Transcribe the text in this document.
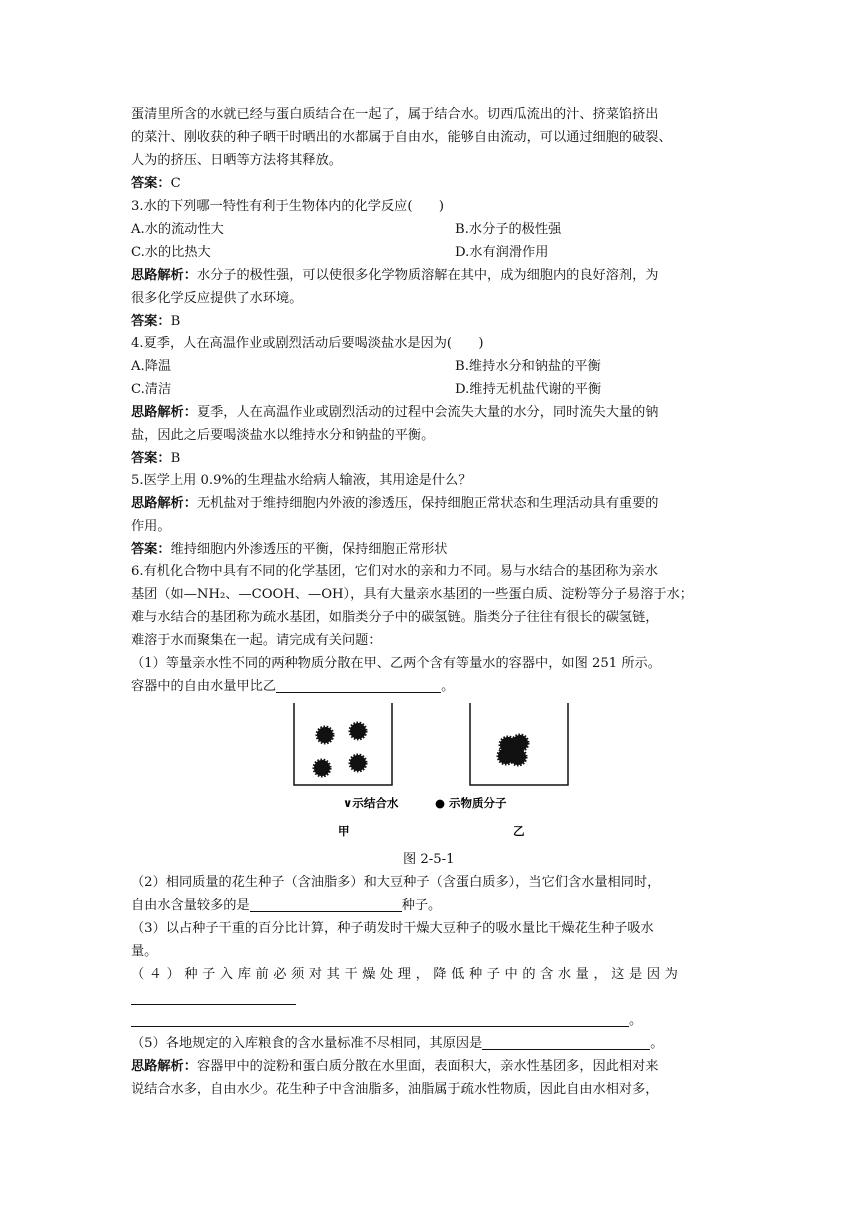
蛋清里所含的水就已经与蛋白质结合在一起了，属于结合水。切西瓜流出的汁、挤菜馅挤出
的菜汁、刚收获的种子晒干时晒出的水都属于自由水，能够自由流动，可以通过细胞的破裂、
人为的挤压、日晒等方法将其释放。
答案：C
3.水的下列哪一特性有利于生物体内的化学反应(　　)
A.水的流动性大	B.水分子的极性强
C.水的比热大	D.水有润滑作用
思路解析：水分子的极性强，可以使很多化学物质溶解在其中，成为细胞内的良好溶剂，为
很多化学反应提供了水环境。
答案：B
4.夏季，人在高温作业或剧烈活动后要喝淡盐水是因为(　　)
A.降温	B.维持水分和钠盐的平衡
C.清洁	D.维持无机盐代谢的平衡
思路解析：夏季，人在高温作业或剧烈活动的过程中会流失大量的水分，同时流失大量的钠
盐，因此之后要喝淡盐水以维持水分和钠盐的平衡。
答案：B
5.医学上用 0.9%的生理盐水给病人输液，其用途是什么？
思路解析：无机盐对于维持细胞内外液的渗透压，保持细胞正常状态和生理活动具有重要的
作用。
答案：维持细胞内外渗透压的平衡，保持细胞正常形状
6.有机化合物中具有不同的化学基团，它们对水的亲和力不同。易与水结合的基团称为亲水
基团（如—NH₂、—COOH、—OH），具有大量亲水基团的一些蛋白质、淀粉等分子易溶于水；
难与水结合的基团称为疏水基团，如脂类分子中的碳氢链。脂类分子往往有很长的碳氢链，
难溶于水而聚集在一起。请完成有关问题：
（1）等量亲水性不同的两种物质分散在甲、乙两个含有等量水的容器中，如图 251 所示。
容器中的自由水量甲比乙	。
∨示结合水	● 示物质分子
甲	乙
图 2-5-1
（2）相同质量的花生种子（含油脂多）和大豆种子（含蛋白质多），当它们含水量相同时，
自由水含量较多的是	种子。
（3）以占种子干重的百分比计算，种子萌发时干燥大豆种子的吸水量比干燥花生种子吸水
量。
（４）种子入库前必须对其干燥处理，降低种子中的含水量，这是因为
。
（5）各地规定的入库粮食的含水量标准不尽相同，其原因是	。
思路解析：容器甲中的淀粉和蛋白质分散在水里面，表面积大，亲水性基团多，因此相对来
说结合水多，自由水少。花生种子中含油脂多，油脂属于疏水性物质，因此自由水相对多，
